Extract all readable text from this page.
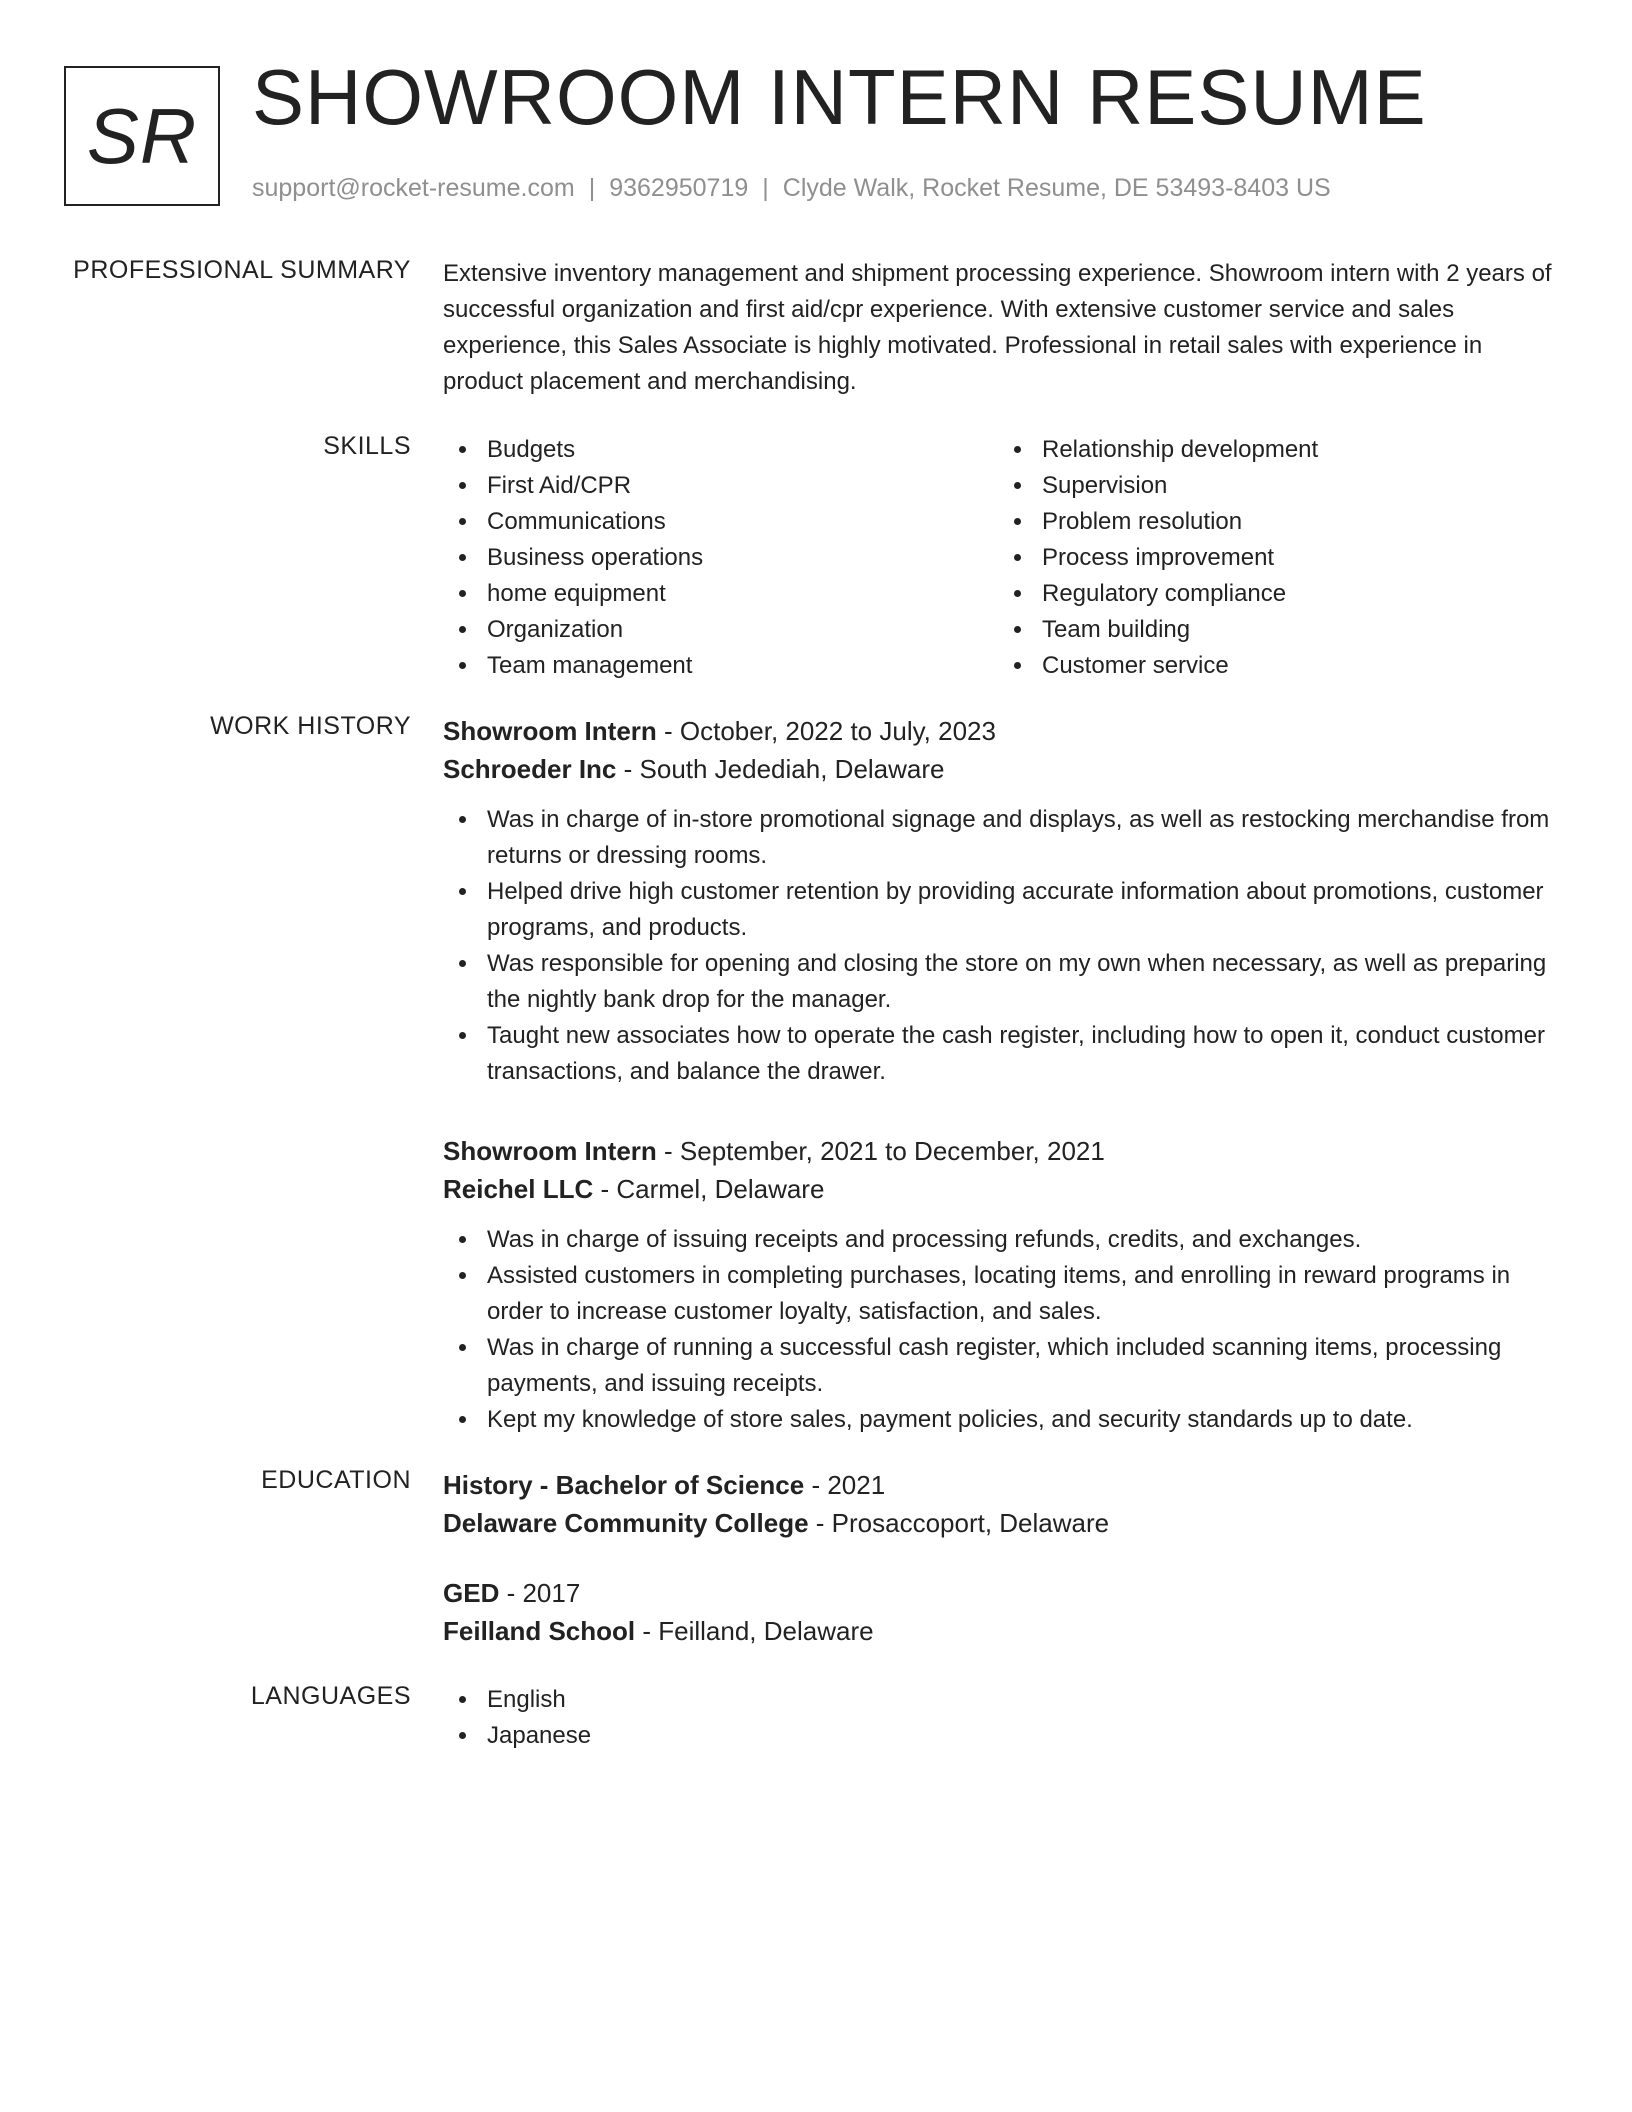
SR SHOWROOM INTERN RESUME
support@rocket-resume.com | 9362950719 | Clyde Walk, Rocket Resume, DE 53493-8403 US
PROFESSIONAL SUMMARY Extensive inventory management and shipment processing experience. Showroom intern with 2 years of successful organization and first aid/cpr experience. With extensive customer service and sales experience, this Sales Associate is highly motivated. Professional in retail sales with experience in product placement and merchandising.

SKILLS	Budgets
First Aid/CPR
Communications
Business operations
home equipment
Organization
Team management
Relationship development
Supervision
Problem resolution
Process improvement
Regulatory compliance
Team building
Customer service
WORK HISTORY Showroom Intern - October, 2022 to July, 2023
Schroeder Inc - South Jedediah, Delaware
Was in charge of in-store promotional signage and displays, as well as restocking merchandise from returns or dressing rooms.
Helped drive high customer retention by providing accurate information about promotions, customer programs, and products.
Was responsible for opening and closing the store on my own when necessary, as well as preparing the nightly bank drop for the manager.
Taught new associates how to operate the cash register, including how to open it, conduct customer transactions, and balance the drawer.
Showroom Intern - September, 2021 to December, 2021
Reichel LLC - Carmel, Delaware
Was in charge of issuing receipts and processing refunds, credits, and exchanges.
Assisted customers in completing purchases, locating items, and enrolling in reward programs in order to increase customer loyalty, satisfaction, and sales.
Was in charge of running a successful cash register, which included scanning items, processing payments, and issuing receipts.
Kept my knowledge of store sales, payment policies, and security standards up to date.
EDUCATION History - Bachelor of Science - 2021
Delaware Community College - Prosaccoport, Delaware
GED - 2017
Feilland School - Feilland, Delaware
LANGUAGES	English
Japanese
